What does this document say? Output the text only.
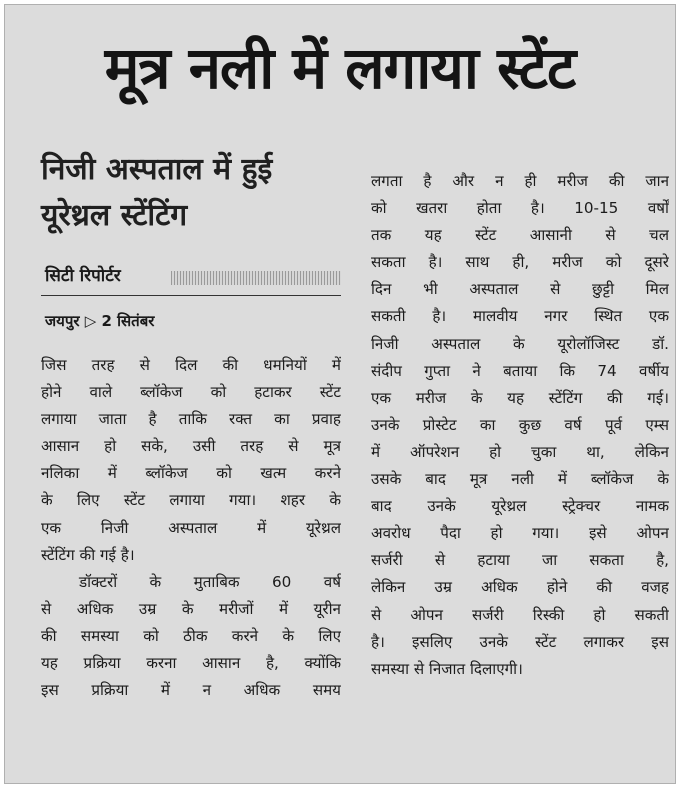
मूत्र नली में लगाया स्टेंट
निजी अस्पताल में हुई
यूरेथ्रल स्टेंटिंग
सिटी रिपोर्टर
जयपुर ▷ 2 सितंबर
जिस तरह से दिल की धमनियों में
होने वाले ब्लॉकेज को हटाकर स्टेंट
लगाया जाता है ताकि रक्त का प्रवाह
आसान हो सके, उसी तरह से मूत्र
नलिका में ब्लॉकेज को खत्म करने
के लिए स्टेंट लगाया गया। शहर के
एक निजी अस्पताल में यूरेथ्रल
स्टेंटिंग की गई है।
डॉक्टरों के मुताबिक 60 वर्ष
से अधिक उम्र के मरीजों में यूरीन
की समस्या को ठीक करने के लिए
यह प्रक्रिया करना आसान है, क्योंकि
इस प्रक्रिया में न अधिक समय
लगता है और न ही मरीज की जान
को खतरा होता है। 10-15 वर्षों
तक यह स्टेंट आसानी से चल
सकता है। साथ ही, मरीज को दूसरे
दिन भी अस्पताल से छुट्टी मिल
सकती है। मालवीय नगर स्थित एक
निजी अस्पताल के यूरोलॉजिस्ट डॉ.
संदीप गुप्ता ने बताया कि 74 वर्षीय
एक मरीज के यह स्टेंटिंग की गई।
उनके प्रोस्टेट का कुछ वर्ष पूर्व एम्स
में ऑपरेशन हो चुका था, लेकिन
उसके बाद मूत्र नली में ब्लॉकेज के
बाद उनके यूरेथ्रल स्ट्रेक्चर नामक
अवरोध पैदा हो गया। इसे ओपन
सर्जरी से हटाया जा सकता है,
लेकिन उम्र अधिक होने की वजह
से ओपन सर्जरी रिस्की हो सकती
है। इसलिए उनके स्टेंट लगाकर इस
समस्या से निजात दिलाएगी।
